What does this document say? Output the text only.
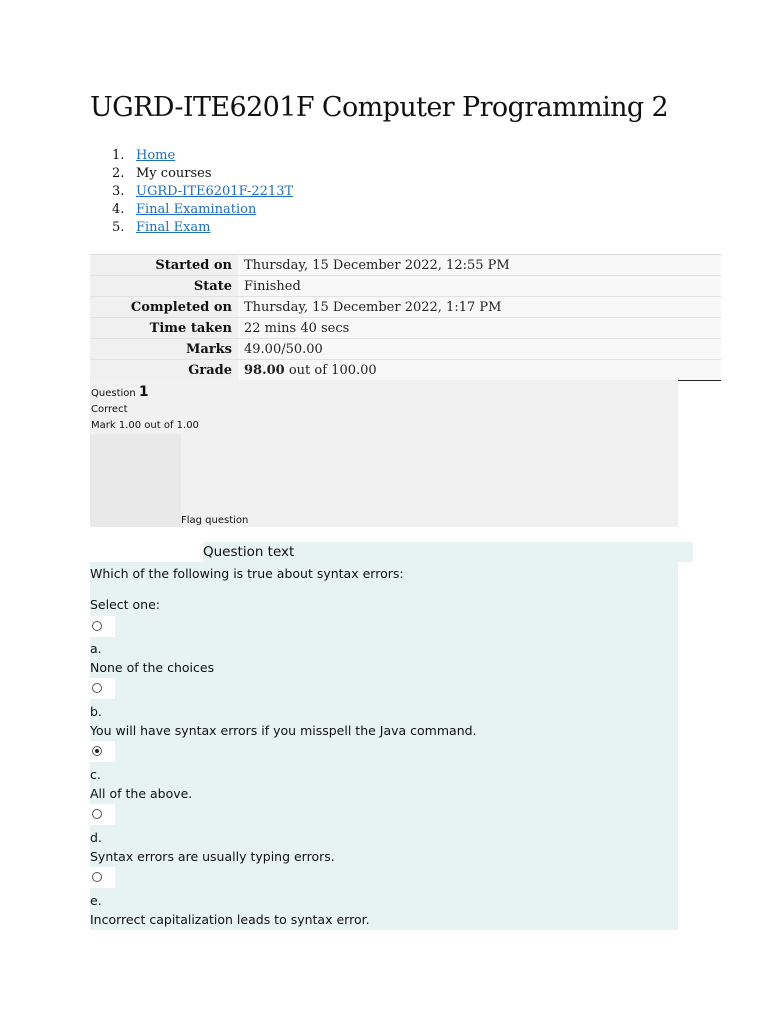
UGRD-ITE6201F Computer Programming 2
1. Home
2. My courses
3. UGRD-ITE6201F-2213T
4. Final Examination
5. Final Exam
Started on	Thursday, 15 December 2022, 12:55 PM
State	Finished
Completed on	Thursday, 15 December 2022, 1:17 PM
Time taken	22 mins 40 secs
Marks	49.00/50.00
Grade	98.00 out of 100.00
Question 1
Correct
Mark 1.00 out of 1.00
Flag question
Question text
Which of the following is true about syntax errors:
Select one:
a.
None of the choices
b.
You will have syntax errors if you misspell the Java command.
c.
All of the above.
d.
Syntax errors are usually typing errors.
e.
Incorrect capitalization leads to syntax error.
